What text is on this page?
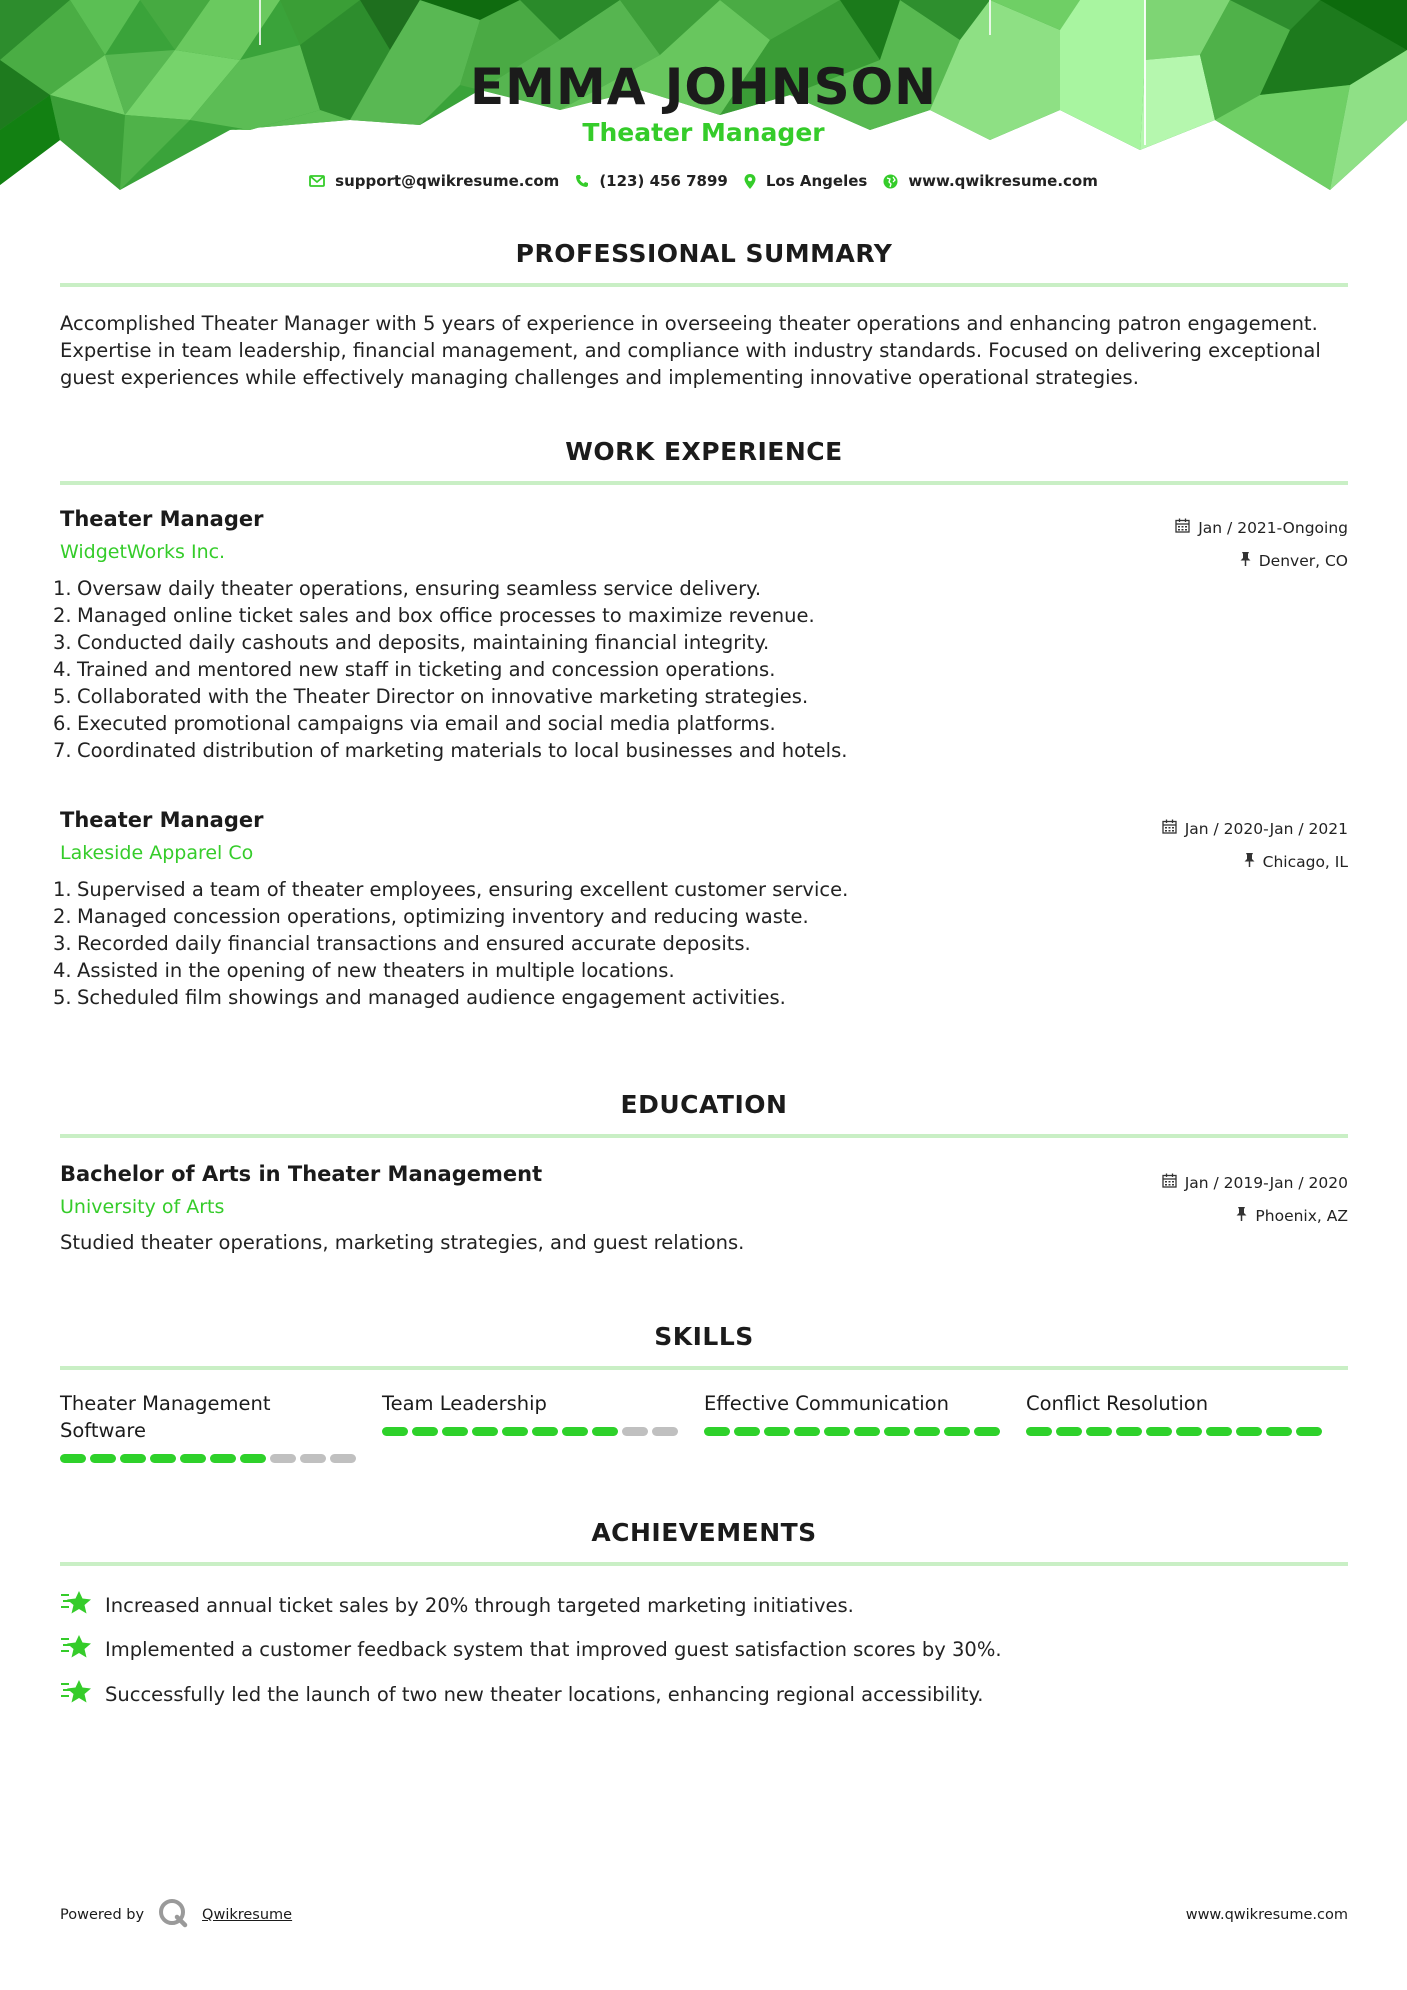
EMMA JOHNSON
Theater Manager
support@qwikresume.com	(123) 456 7899	Los Angeles	www.qwikresume.com
PROFESSIONAL SUMMARY
Accomplished Theater Manager with 5 years of experience in overseeing theater operations and enhancing patron engagement. Expertise in team leadership, financial management, and compliance with industry standards. Focused on delivering exceptional guest experiences while effectively managing challenges and implementing innovative operational strategies.
WORK EXPERIENCE
Theater Manager
WidgetWorks Inc.
Jan / 2021-Ongoing
Denver, CO
1. Oversaw daily theater operations, ensuring seamless service delivery.
2. Managed online ticket sales and box office processes to maximize revenue.
3. Conducted daily cashouts and deposits, maintaining financial integrity.
4. Trained and mentored new staff in ticketing and concession operations.
5. Collaborated with the Theater Director on innovative marketing strategies.
6. Executed promotional campaigns via email and social media platforms.
7. Coordinated distribution of marketing materials to local businesses and hotels.
Theater Manager
Lakeside Apparel Co
Jan / 2020-Jan / 2021
Chicago, IL
1. Supervised a team of theater employees, ensuring excellent customer service.
2. Managed concession operations, optimizing inventory and reducing waste.
3. Recorded daily financial transactions and ensured accurate deposits.
4. Assisted in the opening of new theaters in multiple locations.
5. Scheduled film showings and managed audience engagement activities.
EDUCATION
Bachelor of Arts in Theater Management
University of Arts
Jan / 2019-Jan / 2020
Phoenix, AZ
Studied theater operations, marketing strategies, and guest relations.
SKILLS
Theater Management Software
Team Leadership	Effective Communication	Conflict Resolution
ACHIEVEMENTS
Increased annual ticket sales by 20% through targeted marketing initiatives.
Implemented a customer feedback system that improved guest satisfaction scores by 30%.
Successfully led the launch of two new theater locations, enhancing regional accessibility.
Powered by	Qwikresume	www.qwikresume.com
